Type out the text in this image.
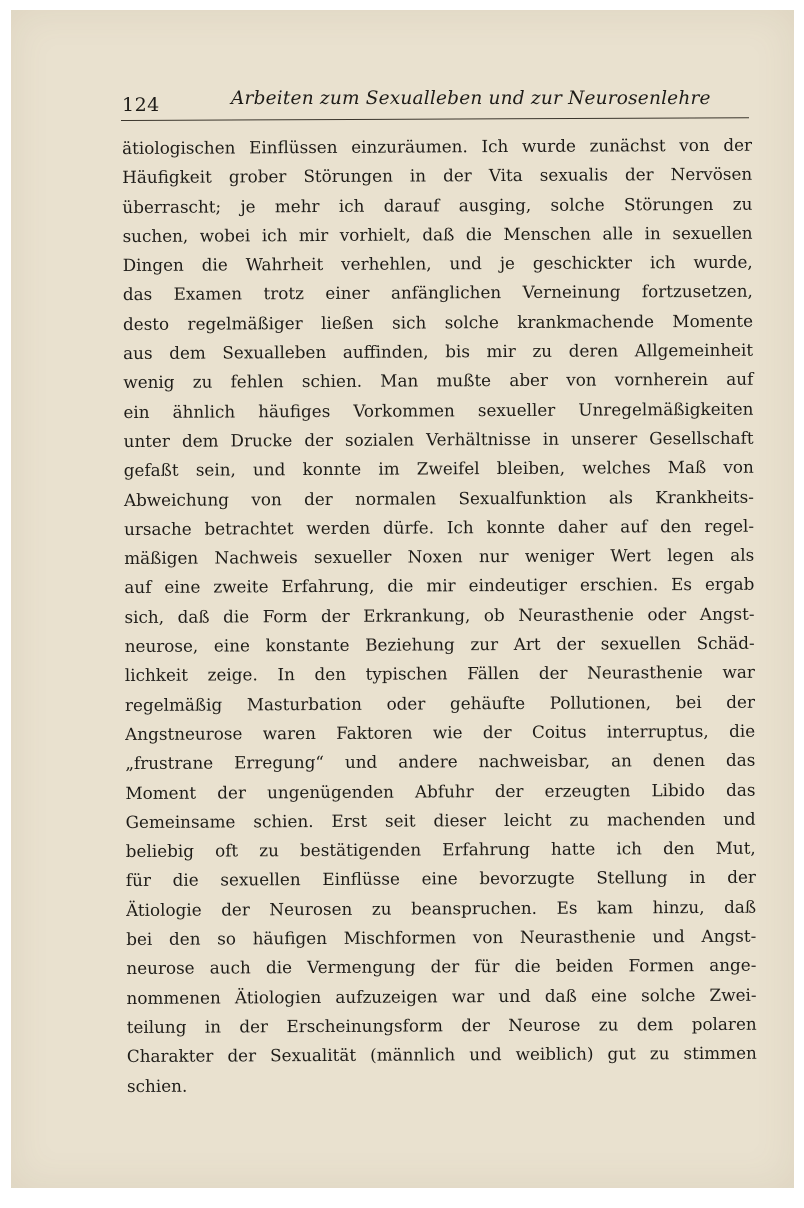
124	Arbeiten zum Sexualleben und zur Neurosenlehre
ätiologischen Einflüssen einzuräumen. Ich wurde zunächst von der
Häufigkeit grober Störungen in der Vita sexualis der Nervösen
überrascht; je mehr ich darauf ausging, solche Störungen zu
suchen, wobei ich mir vorhielt, daß die Menschen alle in sexuellen
Dingen die Wahrheit verhehlen, und je geschickter ich wurde,
das Examen trotz einer anfänglichen Verneinung fortzusetzen,
desto regelmäßiger ließen sich solche krankmachende Momente
aus dem Sexualleben auffinden, bis mir zu deren Allgemeinheit
wenig zu fehlen schien. Man mußte aber von vornherein auf
ein ähnlich häufiges Vorkommen sexueller Unregelmäßigkeiten
unter dem Drucke der sozialen Verhältnisse in unserer Gesellschaft
gefaßt sein, und konnte im Zweifel bleiben, welches Maß von
Abweichung von der normalen Sexualfunktion als Krankheits-
ursache betrachtet werden dürfe. Ich konnte daher auf den regel-
mäßigen Nachweis sexueller Noxen nur weniger Wert legen als
auf eine zweite Erfahrung, die mir eindeutiger erschien. Es ergab
sich, daß die Form der Erkrankung, ob Neurasthenie oder Angst-
neurose, eine konstante Beziehung zur Art der sexuellen Schäd-
lichkeit zeige. In den typischen Fällen der Neurasthenie war
regelmäßig Masturbation oder gehäufte Pollutionen, bei der
Angstneurose waren Faktoren wie der Coitus interruptus, die
„frustrane Erregung“ und andere nachweisbar, an denen das
Moment der ungenügenden Abfuhr der erzeugten Libido das
Gemeinsame schien. Erst seit dieser leicht zu machenden und
beliebig oft zu bestätigenden Erfahrung hatte ich den Mut,
für die sexuellen Einflüsse eine bevorzugte Stellung in der
Ätiologie der Neurosen zu beanspruchen. Es kam hinzu, daß
bei den so häufigen Mischformen von Neurasthenie und Angst-
neurose auch die Vermengung der für die beiden Formen ange-
nommenen Ätiologien aufzuzeigen war und daß eine solche Zwei-
teilung in der Erscheinungsform der Neurose zu dem polaren
Charakter der Sexualität (männlich und weiblich) gut zu stimmen
schien.
